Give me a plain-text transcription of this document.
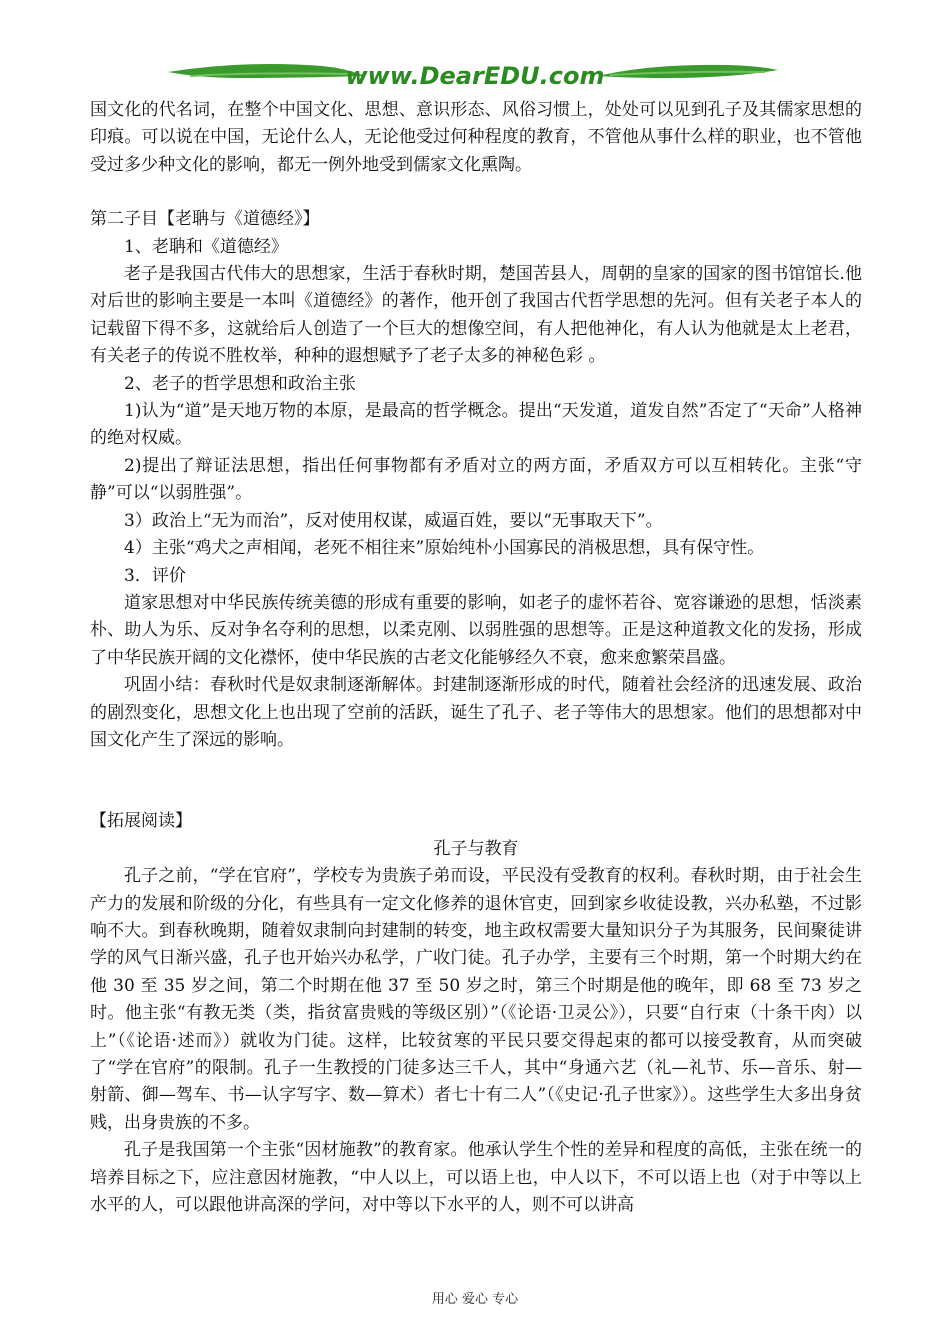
www.DearEDU.com

国文化的代名词，在整个中国文化、思想、意识形态、风俗习惯上，处处可以见到孔子及其儒家思想的印痕。可以说在中国，无论什么人，无论他受过何种程度的教育，不管他从事什么样的职业，也不管他受过多少种文化的影响，都无一例外地受到儒家文化熏陶。

第二子目【老聃与《道德经》】

1、老聃和《道德经》

老子是我国古代伟大的思想家，生活于春秋时期，楚国苦县人，周朝的皇家的国家的图书馆馆长.他对后世的影响主要是一本叫《道德经》的著作，他开创了我国古代哲学思想的先河。但有关老子本人的记载留下得不多，这就给后人创造了一个巨大的想像空间，有人把他神化，有人认为他就是太上老君，有关老子的传说不胜枚举，种种的遐想赋予了老子太多的神秘色彩 。

2、老子的哲学思想和政治主张

1)认为“道”是天地万物的本原，是最高的哲学概念。提出“天发道，道发自然”否定了“天命”人格神的绝对权威。

2)提出了辩证法思想，指出任何事物都有矛盾对立的两方面，矛盾双方可以互相转化。主张“守静”可以“以弱胜强”。

3）政治上“无为而治”，反对使用权谋，威逼百姓，要以“无事取天下”。

4）主张“鸡犬之声相闻，老死不相往来”原始纯朴小国寡民的消极思想，具有保守性。

3．评价

道家思想对中华民族传统美德的形成有重要的影响，如老子的虚怀若谷、宽容谦逊的思想，恬淡素朴、助人为乐、反对争名夺利的思想，以柔克刚、以弱胜强的思想等。正是这种道教文化的发扬，形成了中华民族开阔的文化襟怀，使中华民族的古老文化能够经久不衰，愈来愈繁荣昌盛。

巩固小结：春秋时代是奴隶制逐渐解体。封建制逐渐形成的时代，随着社会经济的迅速发展、政治的剧烈变化，思想文化上也出现了空前的活跃，诞生了孔子、老子等伟大的思想家。他们的思想都对中国文化产生了深远的影响。

【拓展阅读】

孔子与教育

孔子之前，“学在官府”，学校专为贵族子弟而设，平民没有受教育的权利。春秋时期，由于社会生产力的发展和阶级的分化，有些具有一定文化修养的退休官吏，回到家乡收徒设教，兴办私塾，不过影响不大。到春秋晚期，随着奴隶制向封建制的转变，地主政权需要大量知识分子为其服务，民间聚徒讲学的风气日渐兴盛，孔子也开始兴办私学，广收门徒。孔子办学，主要有三个时期，第一个时期大约在他 30 至 35 岁之间，第二个时期在他 37 至 50 岁之时，第三个时期是他的晚年，即 68 至 73 岁之时。他主张“有教无类（类，指贫富贵贱的等级区别）”（《论语·卫灵公》），只要“自行束（十条干肉）以上”（《论语·述而》）就收为门徒。这样，比较贫寒的平民只要交得起束的都可以接受教育，从而突破了“学在官府”的限制。孔子一生教授的门徒多达三千人，其中“身通六艺（礼—礼节、乐—音乐、射—射箭、御—驾车、书—认字写字、数—算术）者七十有二人”（《史记·孔子世家》）。这些学生大多出身贫贱，出身贵族的不多。

孔子是我国第一个主张“因材施教”的教育家。他承认学生个性的差异和程度的高低，主张在统一的培养目标之下，应注意因材施教，“中人以上，可以语上也，中人以下，不可以语上也（对于中等以上水平的人，可以跟他讲高深的学问，对中等以下水平的人，则不可以讲高

用心 爱心 专心
